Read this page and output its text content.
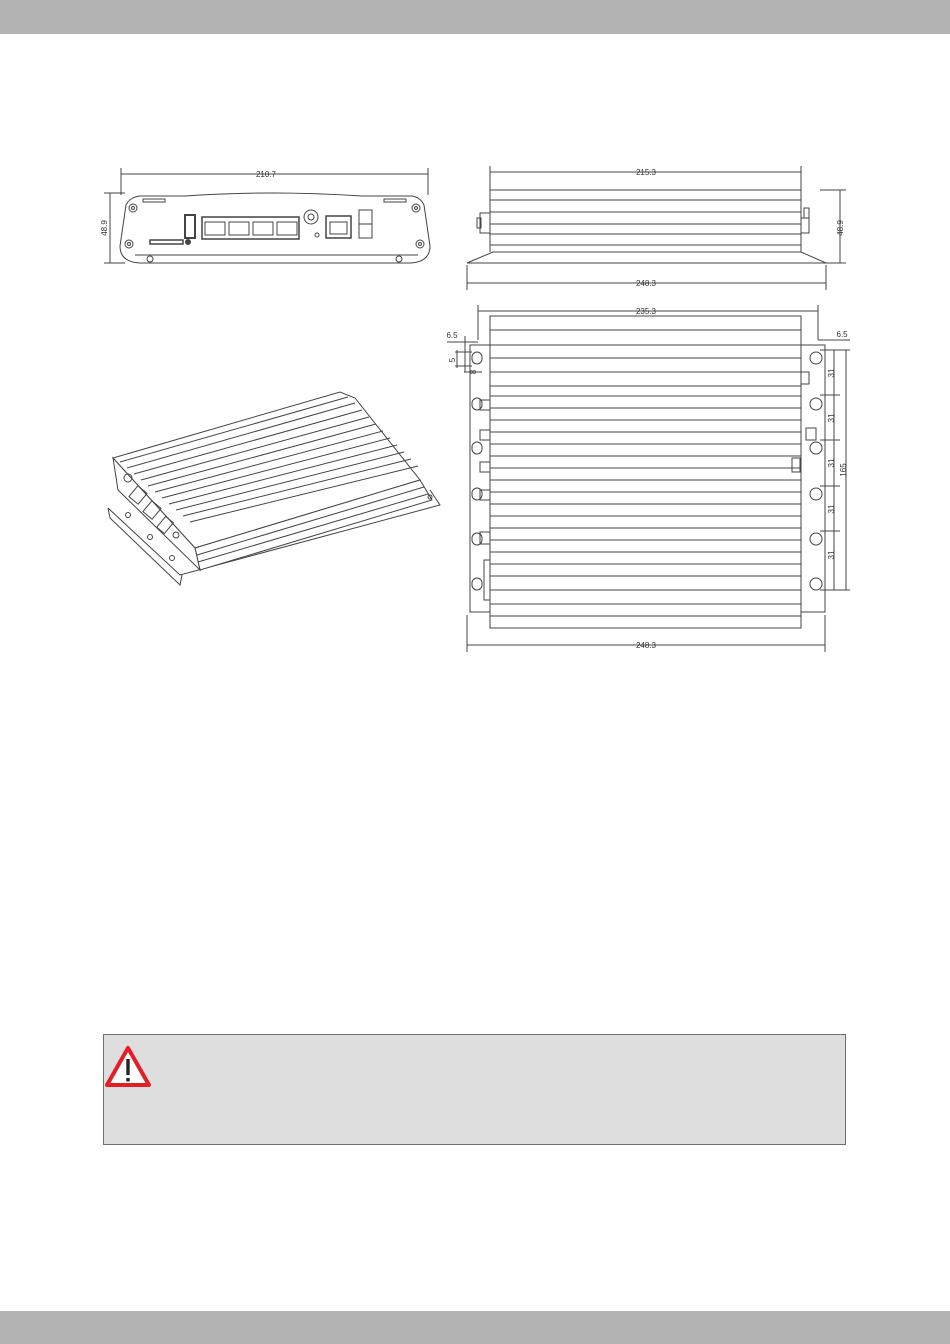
210.7
48.9
215.3
48.9
248.3
235.3
6.5	6.5
5
8	31
31
31
31
31
165
248.3
